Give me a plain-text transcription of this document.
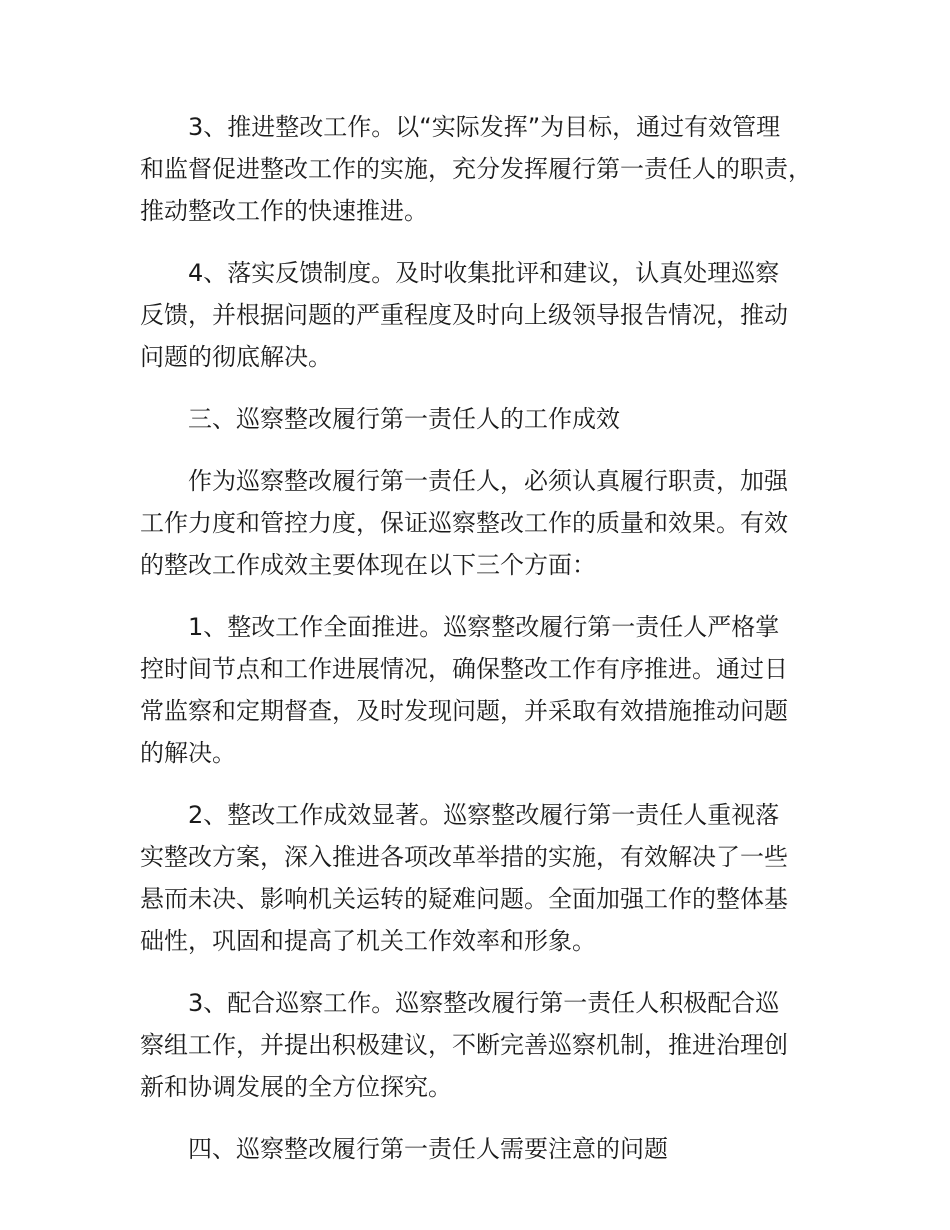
3、推进整改工作。以“实际发挥”为目标，通过有效管理
和监督促进整改工作的实施，充分发挥履行第一责任人的职责，
推动整改工作的快速推进。

4、落实反馈制度。及时收集批评和建议，认真处理巡察
反馈，并根据问题的严重程度及时向上级领导报告情况，推动
问题的彻底解决。

三、巡察整改履行第一责任人的工作成效

作为巡察整改履行第一责任人，必须认真履行职责，加强
工作力度和管控力度，保证巡察整改工作的质量和效果。有效
的整改工作成效主要体现在以下三个方面：

1、整改工作全面推进。巡察整改履行第一责任人严格掌
控时间节点和工作进展情况，确保整改工作有序推进。通过日
常监察和定期督查，及时发现问题，并采取有效措施推动问题
的解决。

2、整改工作成效显著。巡察整改履行第一责任人重视落
实整改方案，深入推进各项改革举措的实施，有效解决了一些
悬而未决、影响机关运转的疑难问题。全面加强工作的整体基
础性，巩固和提高了机关工作效率和形象。

3、配合巡察工作。巡察整改履行第一责任人积极配合巡
察组工作，并提出积极建议，不断完善巡察机制，推进治理创
新和协调发展的全方位探究。

四、巡察整改履行第一责任人需要注意的问题
